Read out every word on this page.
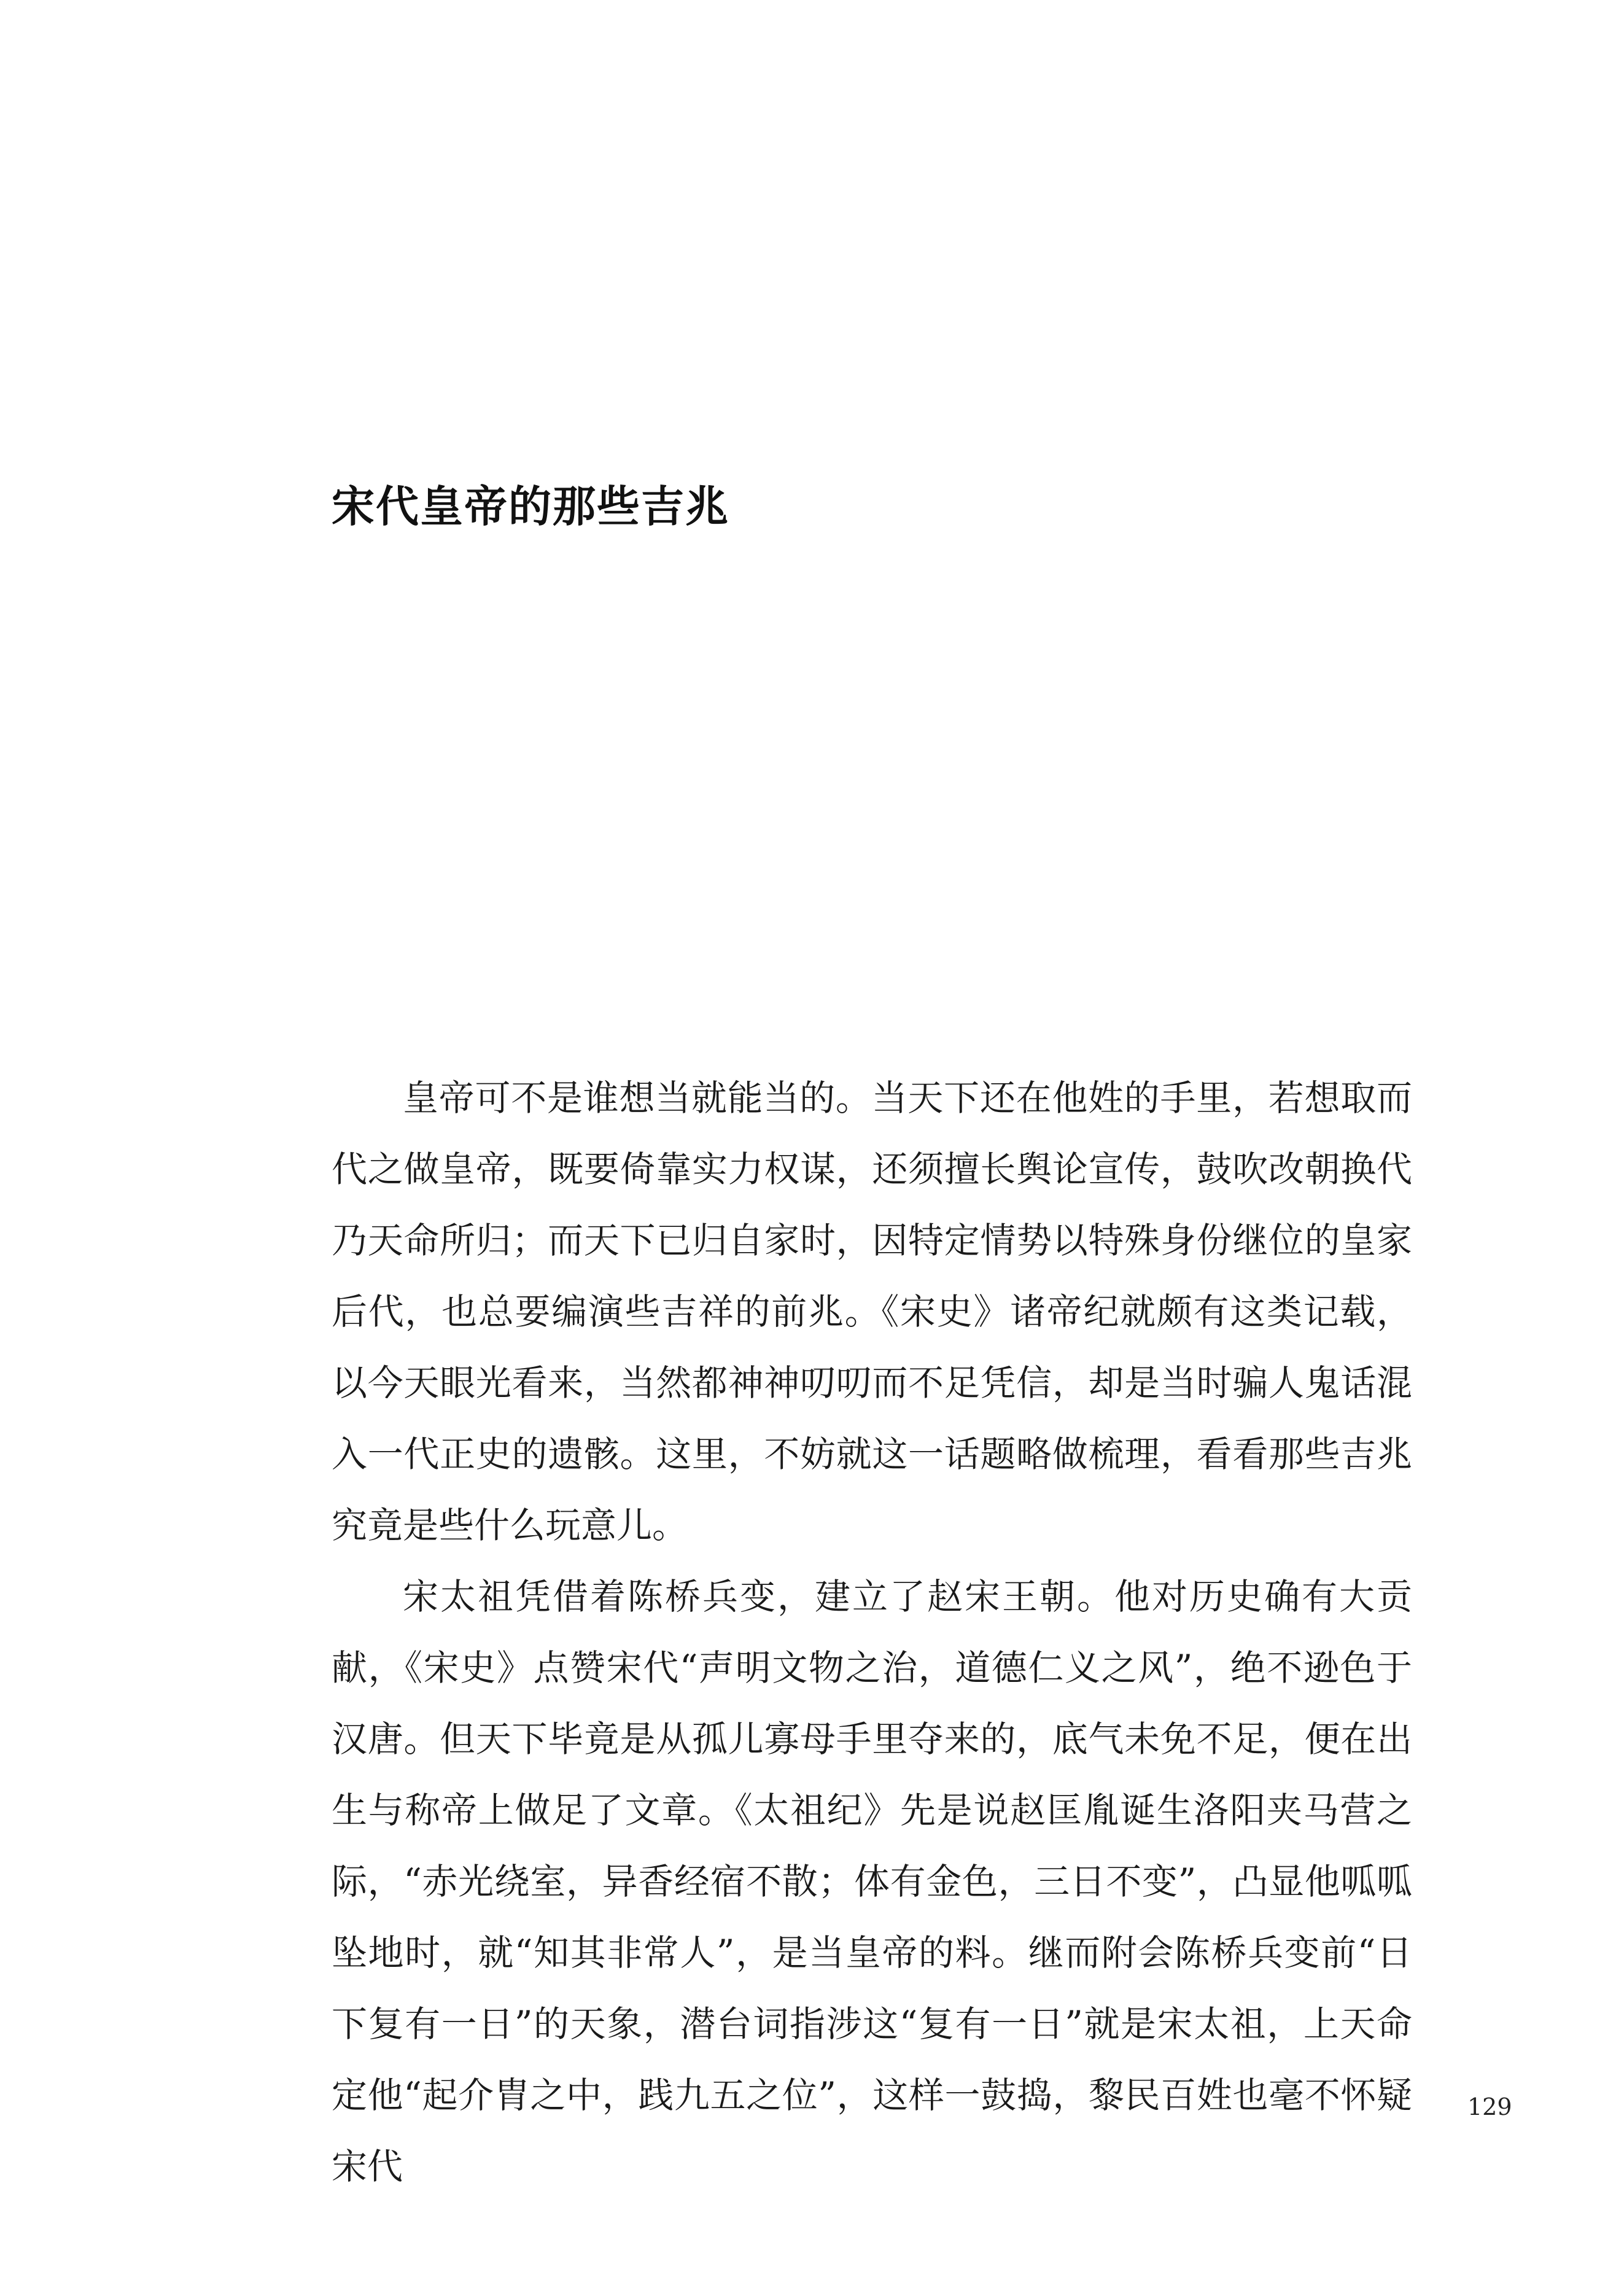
宋代皇帝的那些吉兆

皇帝可不是谁想当就能当的。当天下还在他姓的手里，若想取而代之做皇帝，既要倚靠实力权谋，还须擅长舆论宣传，鼓吹改朝换代乃天命所归；而天下已归自家时，因特定情势以特殊身份继位的皇家后代，也总要编演些吉祥的前兆。《宋史》诸帝纪就颇有这类记载，以今天眼光看来，当然都神神叨叨而不足凭信，却是当时骗人鬼话混入一代正史的遗骸。这里，不妨就这一话题略做梳理，看看那些吉兆究竟是些什么玩意儿。

宋太祖凭借着陈桥兵变，建立了赵宋王朝。他对历史确有大贡献，《宋史》点赞宋代“声明文物之治，道德仁义之风”，绝不逊色于汉唐。但天下毕竟是从孤儿寡母手里夺来的，底气未免不足，便在出生与称帝上做足了文章。《太祖纪》先是说赵匡胤诞生洛阳夹马营之际，“赤光绕室，异香经宿不散；体有金色，三日不变”，凸显他呱呱坠地时，就“知其非常人”，是当皇帝的料。继而附会陈桥兵变前“日下复有一日”的天象，潜台词指涉这“复有一日”就是宋太祖，上天命定他“起介胄之中，践九五之位”，这样一鼓捣，黎民百姓也毫不怀疑宋代

129
